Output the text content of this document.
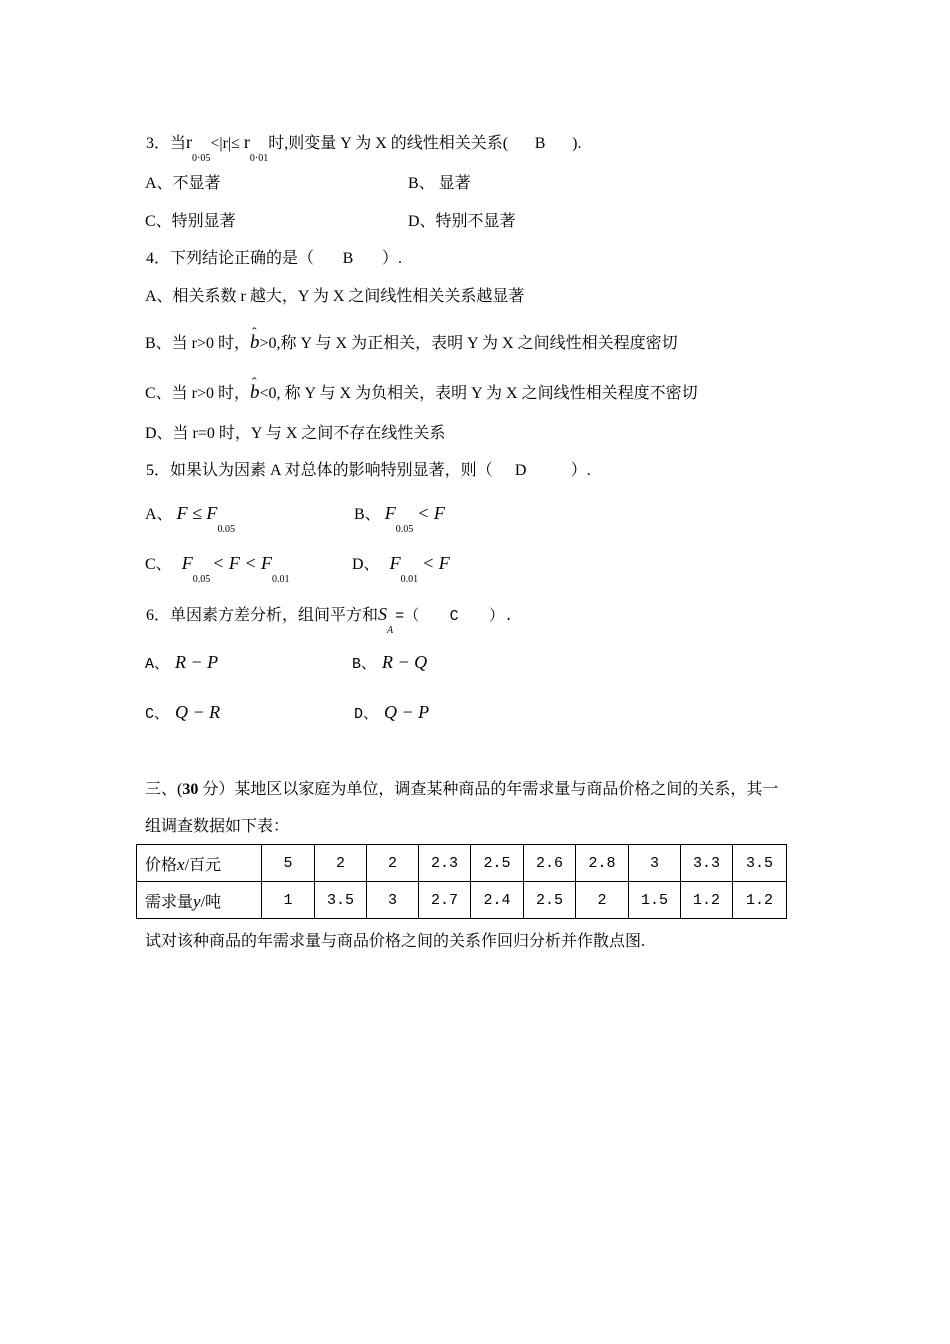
3．当$r_{0\cdot 05}<|r|\le r_{0\cdot 01}$时,则变量 Y 为 X 的线性相关关系( B ).
A、不显著	B、 显著
C、特别显著	D、特别不显著
4．下列结论正确的是（ B ）.
A、相关系数 r 越大，Y 为 X 之间线性相关关系越显著
B、当 r>0 时，ˆ b>0,称 Y 与 X 为正相关，表明 Y 为 X 之间线性相关程度密切
C、当 r>0 时，ˆ b<0, 称 Y 与 X 为负相关，表明 Y 为 X 之间线性相关程度不密切
D、当 r=0 时，Y 与 X 之间不存在线性关系
5．如果认为因素 A 对总体的影响特别显著，则（ D	）.
A、 $F \le F_{0.05}$
B、 $F_{0.05}< F$
C、 $F_{0.05}< F < F_{0.01}$
D、 $F_{0.01}< F$
6．单因素方差分析，组间平方和$S_A=$（ C ）.
A、 R − P	B、 R − Q
C、 Q − R	D、 Q − P
三、(30 分）某地区以家庭为单位，调查某种商品的年需求量与商品价格之间的关系，其一
组调查数据如下表：
价格x/百元	5	2	2	2.3	2.5	2.6	2.8	3	3.3	3.5
需求量y/吨	1	3.5	3	2.7	2.4	2.5	2	1.5	1.2	1.2
试对该种商品的年需求量与商品价格之间的关系作回归分析并作散点图.
